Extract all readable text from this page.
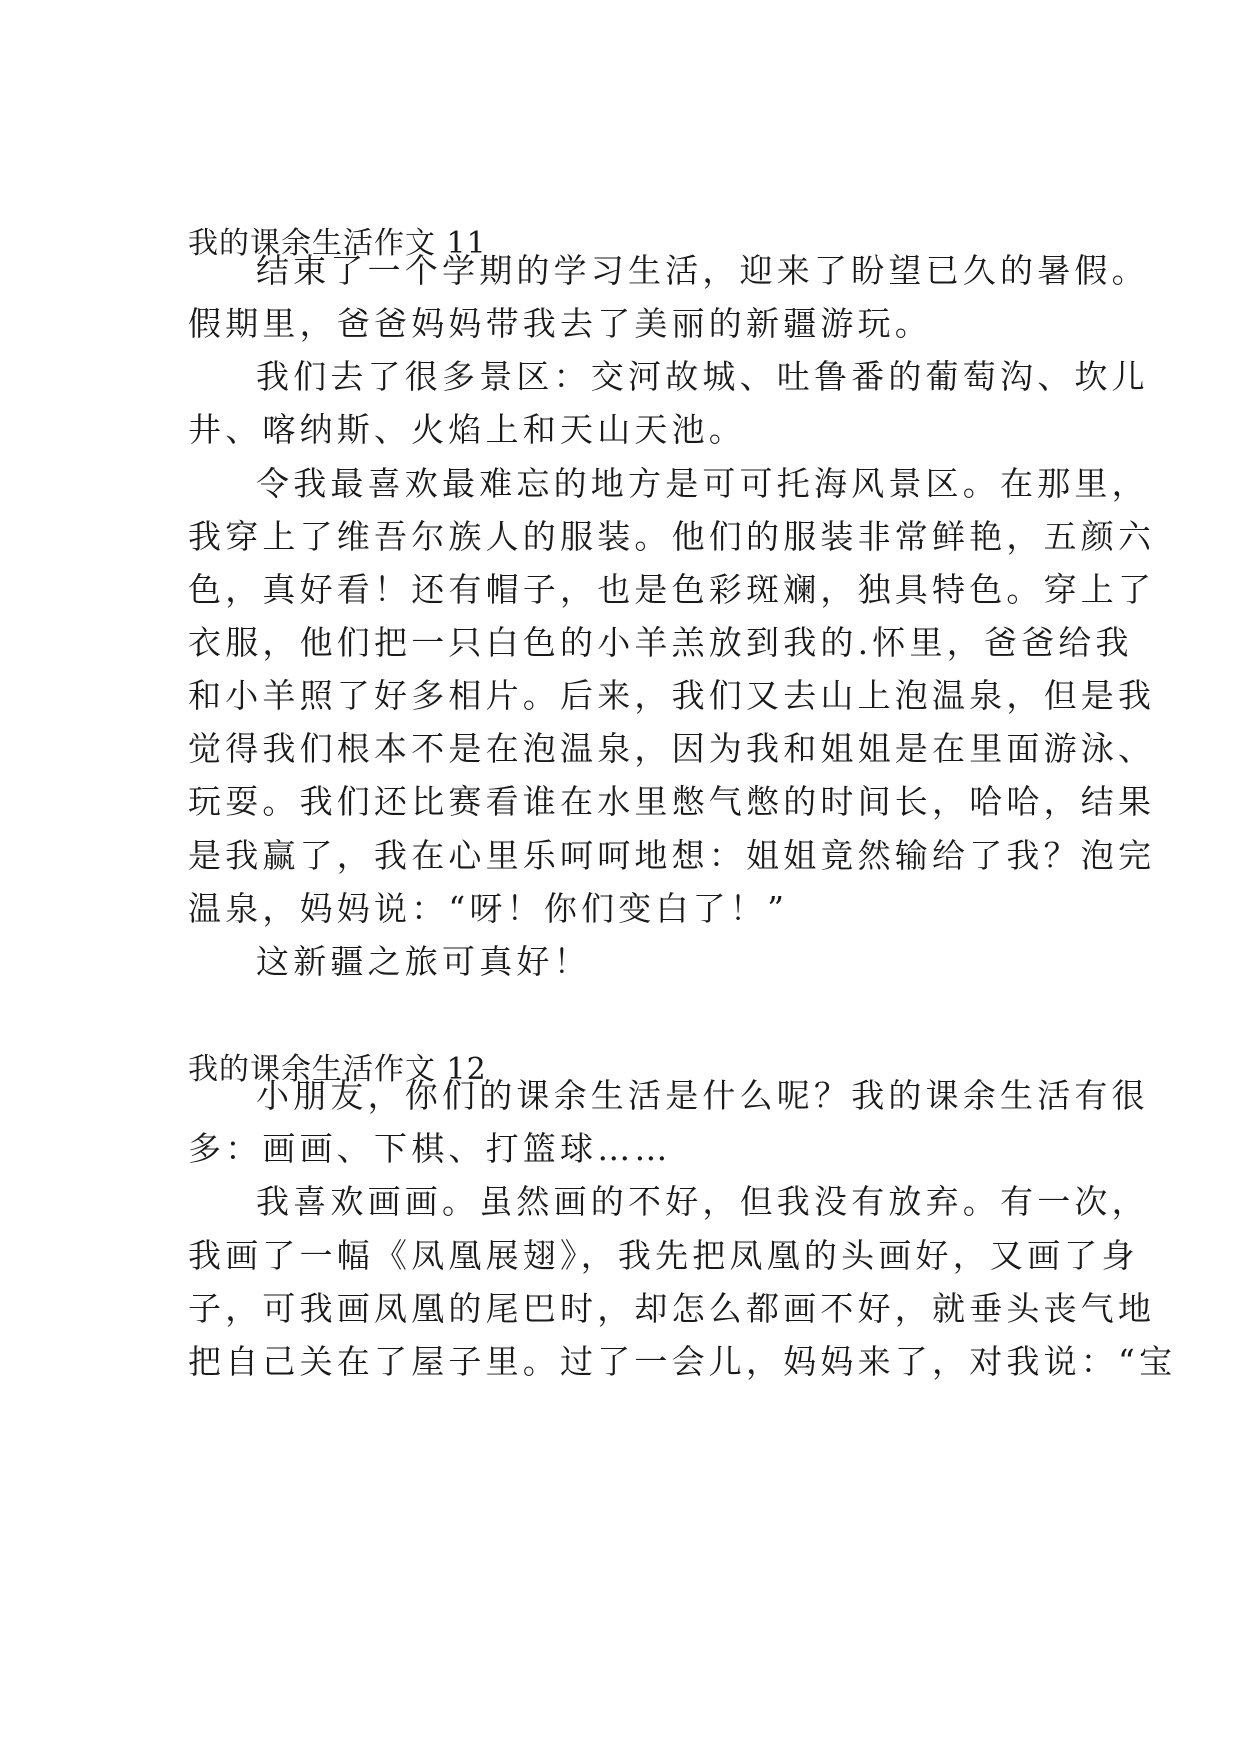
我的课余生活作文 11
结束了一个学期的学习生活，迎来了盼望已久的暑假。
假期里，爸爸妈妈带我去了美丽的新疆游玩。
我们去了很多景区：交河故城、吐鲁番的葡萄沟、坎儿
井、喀纳斯、火焰上和天山天池。
令我最喜欢最难忘的地方是可可托海风景区。在那里，
我穿上了维吾尔族人的服装。他们的服装非常鲜艳，五颜六
色，真好看！还有帽子，也是色彩斑斓，独具特色。穿上了
衣服，他们把一只白色的小羊羔放到我的.怀里，爸爸给我
和小羊照了好多相片。后来，我们又去山上泡温泉，但是我
觉得我们根本不是在泡温泉，因为我和姐姐是在里面游泳、
玩耍。我们还比赛看谁在水里憋气憋的时间长，哈哈，结果
是我赢了，我在心里乐呵呵地想：姐姐竟然输给了我？泡完
温泉，妈妈说：“呀！你们变白了！”
这新疆之旅可真好！
我的课余生活作文 12
小朋友，你们的课余生活是什么呢？我的课余生活有很
多：画画、下棋、打篮球……
我喜欢画画。虽然画的不好，但我没有放弃。有一次，
我画了一幅《凤凰展翅》，我先把凤凰的头画好，又画了身
子，可我画凤凰的尾巴时，却怎么都画不好，就垂头丧气地
把自己关在了屋子里。过了一会儿，妈妈来了，对我说：“宝
